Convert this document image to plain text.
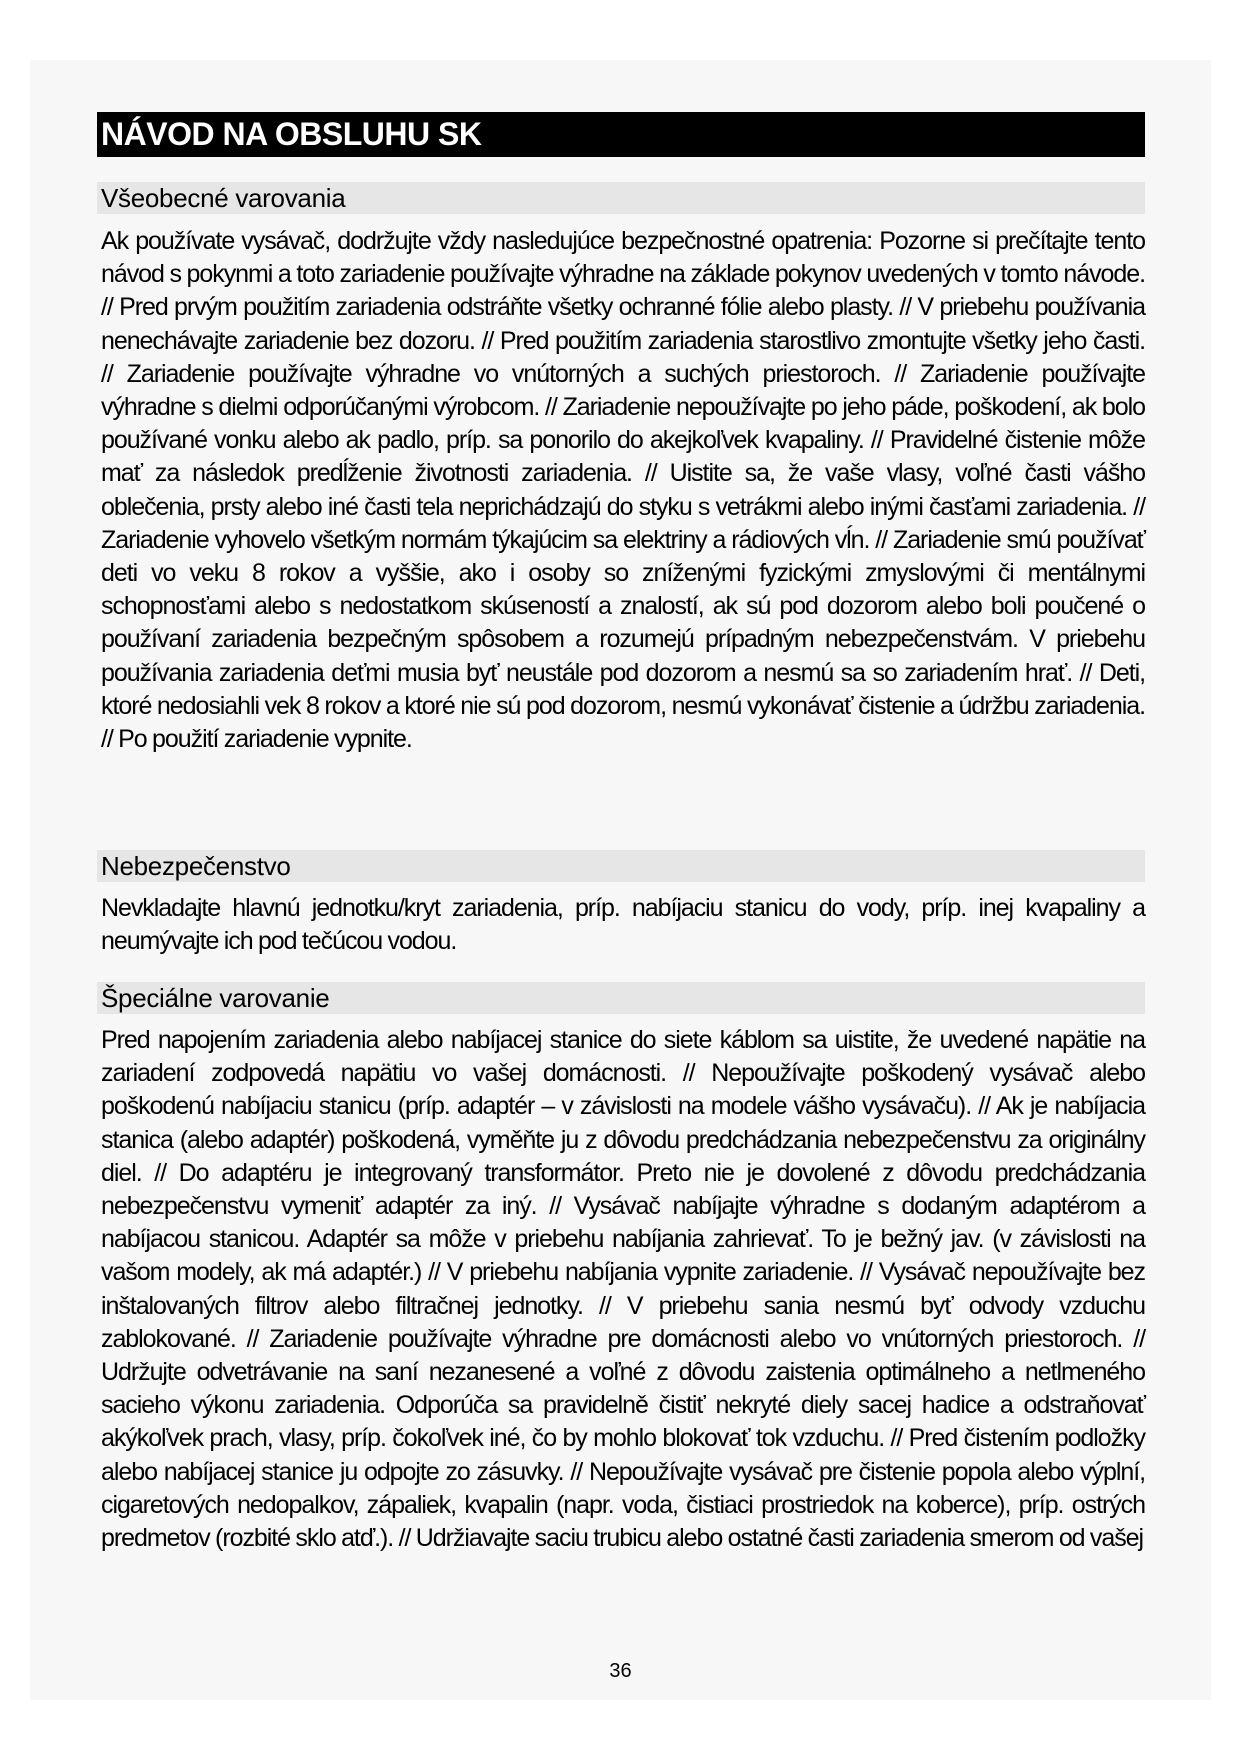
NÁVOD NA OBSLUHU SK
Všeobecné varovania
Ak používate vysávač, dodržujte vždy nasledujúce bezpečnostné opatrenia: Pozorne si prečítajte tento návod s pokynmi a toto zariadenie používajte výhradne na základe pokynov uvedených v tomto návode. // Pred prvým použitím zariadenia odstráňte všetky ochranné fólie alebo plasty. // V priebehu používania nenechávajte zariadenie bez dozoru. // Pred použitím zariadenia starostlivo zmontujte všetky jeho časti. // Zariadenie používajte výhradne vo vnútorných a suchých priestoroch. // Zariadenie používajte výhradne s dielmi odporúčanými výrobcom. // Zariadenie nepoužívajte po jeho páde, poškodení, ak bolo používané vonku alebo ak padlo, príp. sa ponorilo do akejkoľvek kvapaliny. // Pravidelné čistenie môže mať za následok predĺženie životnosti zariadenia. // Uistite sa, že vaše vlasy, voľné časti vášho oblečenia, prsty alebo iné časti tela neprichádzajú do styku s vetrákmi alebo inými časťami zariadenia. // Zariadenie vyhovelo všetkým normám týkajúcim sa elektriny a rádiových vĺn. // Zariadenie smú používať deti vo veku 8 rokov a vyššie, ako i osoby so zníženými fyzickými zmyslovými či mentálnymi schopnosťami alebo s nedostatkom skúseností a znalostí, ak sú pod dozorom alebo boli poučené o používaní zariadenia bezpečným spôsobem a rozumejú prípadným nebezpečenstvám. V priebehu používania zariadenia deťmi musia byť neustále pod dozorom a nesmú sa so zariadením hrať. // Deti, ktoré nedosiahli vek 8 rokov a ktoré nie sú pod dozorom, nesmú vykonávať čistenie a údržbu zariadenia. // Po použití zariadenie vypnite.
Nebezpečenstvo
Nevkladajte hlavnú jednotku/kryt zariadenia, príp. nabíjaciu stanicu do vody, príp. inej kvapaliny a neumývajte ich pod tečúcou vodou.
Špeciálne varovanie
Pred napojením zariadenia alebo nabíjacej stanice do siete káblom sa uistite, že uvedené napätie na zariadení zodpovedá napätiu vo vašej domácnosti. // Nepoužívajte poškodený vysávač alebo poškodenú nabíjaciu stanicu (príp. adaptér – v závislosti na modele vášho vysávaču). // Ak je nabíjacia stanica (alebo adaptér) poškodená, vyměňte ju z dôvodu predchádzania nebezpečenstvu za originálny diel. // Do adaptéru je integrovaný transformátor. Preto nie je dovolené z dôvodu predchádzania nebezpečenstvu vymeniť adaptér za iný. // Vysávač nabíjajte výhradne s dodaným adaptérom a nabíjacou stanicou. Adaptér sa môže v priebehu nabíjania zahrievať. To je bežný jav. (v závislosti na vašom modely, ak má adaptér.) // V priebehu nabíjania vypnite zariadenie. // Vysávač nepoužívajte bez inštalovaných filtrov alebo filtračnej jednotky. // V priebehu sania nesmú byť odvody vzduchu zablokované. // Zariadenie používajte výhradne pre domácnosti alebo vo vnútorných priestoroch. // Udržujte odvetrávanie na saní nezanesené a voľné z dôvodu zaistenia optimálneho a netlmeného sacieho výkonu zariadenia. Odporúča sa pravidelně čistiť nekryté diely sacej hadice a odstraňovať akýkoľvek prach, vlasy, príp. čokoľvek iné, čo by mohlo blokovať tok vzduchu. // Pred čistením podložky alebo nabíjacej stanice ju odpojte zo zásuvky. // Nepoužívajte vysávač pre čistenie popola alebo výplní, cigaretových nedopalkov, zápaliek, kvapalin (napr. voda, čistiaci prostriedok na koberce), príp. ostrých predmetov (rozbité sklo atď.). // Udržiavajte saciu trubicu alebo ostatné časti zariadenia smerom od vašej
36
